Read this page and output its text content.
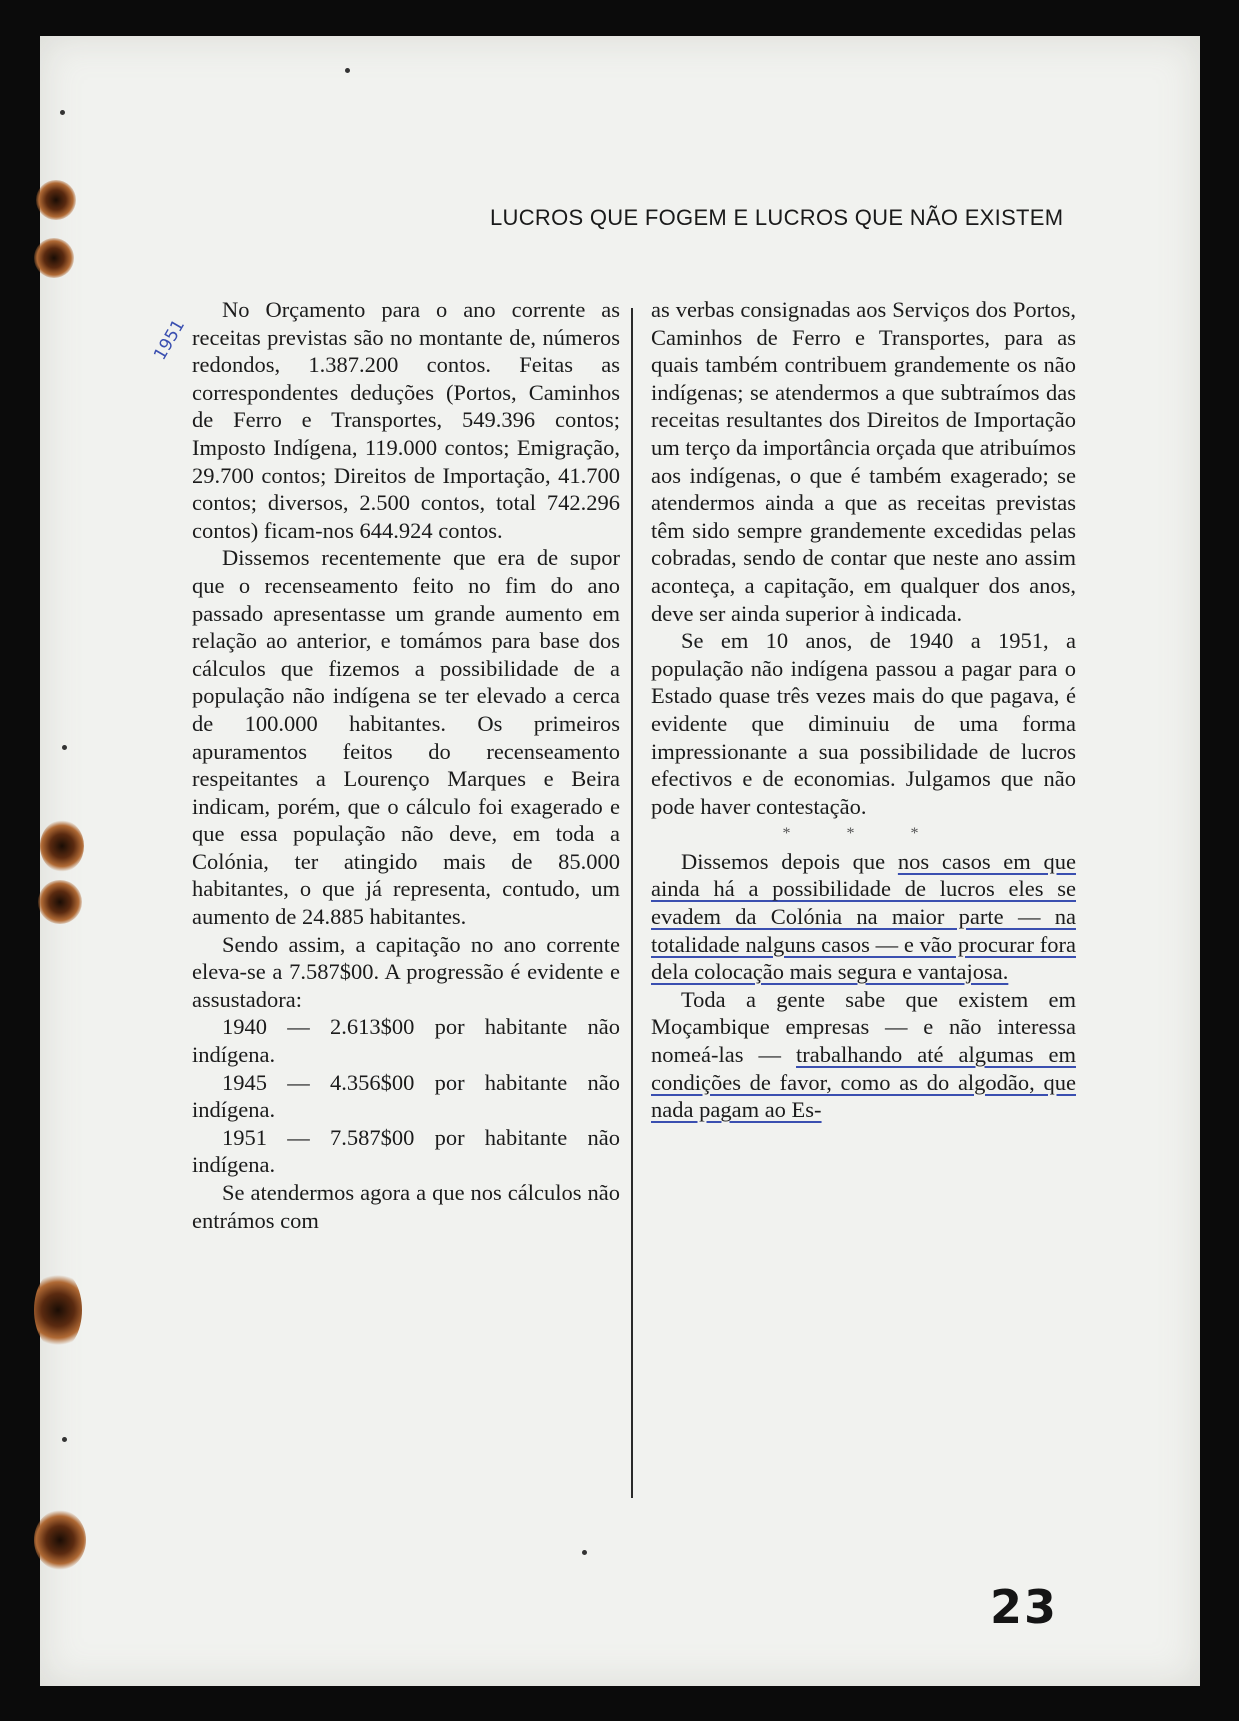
LUCROS QUE FOGEM E LUCROS QUE NÃO EXISTEM
1951

No Orçamento para o ano corrente as receitas previstas são no montante de, números redondos, 1.387.200 contos. Feitas as correspondentes deduções (Portos, Caminhos de Ferro e Transportes, 549.396 contos; Imposto Indígena, 119.000 contos; Emigração, 29.700 contos; Direitos de Importação, 41.700 contos; diversos, 2.500 contos, total 742.296 contos) ficam-nos 644.924 contos.

Dissemos recentemente que era de supor que o recenseamento feito no fim do ano passado apresentasse um grande aumento em relação ao anterior, e tomámos para base dos cálculos que fizemos a possibilidade de a população não indígena se ter elevado a cerca de 100.000 habitantes. Os primeiros apuramentos feitos do recenseamento respeitantes a Lourenço Marques e Beira indicam, porém, que o cálculo foi exagerado e que essa população não deve, em toda a Colónia, ter atingido mais de 85.000 habitantes, o que já representa, contudo, um aumento de 24.885 habitantes.

Sendo assim, a capitação no ano corrente eleva-se a 7.587$00. A progressão é evidente e assustadora:

1940 — 2.613$00 por habitante não indígena.

1945 — 4.356$00 por habitante não indígena.

1951 — 7.587$00 por habitante não indígena.

Se atendermos agora a que nos cálculos não entrámos com

as verbas consignadas aos Serviços dos Portos, Caminhos de Ferro e Transportes, para as quais também contribuem grandemente os não indígenas; se atendermos a que subtraímos das receitas resultantes dos Direitos de Importação um terço da importância orçada que atribuímos aos indígenas, o que é também exagerado; se atendermos ainda a que as receitas previstas têm sido sempre grandemente excedidas pelas cobradas, sendo de contar que neste ano assim aconteça, a capitação, em qualquer dos anos, deve ser ainda superior à indicada.

Se em 10 anos, de 1940 a 1951, a população não indígena passou a pagar para o Estado quase três vezes mais do que pagava, é evidente que diminuiu de uma forma impressionante a sua possibilidade de lucros efectivos e de economias. Julgamos que não pode haver contestação.

* * *

Dissemos depois que nos casos em que ainda há a possibilidade de lucros eles se evadem da Colónia na maior parte — na totalidade nalguns casos — e vão procurar fora dela colocação mais segura e vantajosa.

Toda a gente sabe que existem em Moçambique empresas — e não interessa nomeá-las — trabalhando até algumas em condições de favor, como as do algodão, que nada pagam ao Es-

23
